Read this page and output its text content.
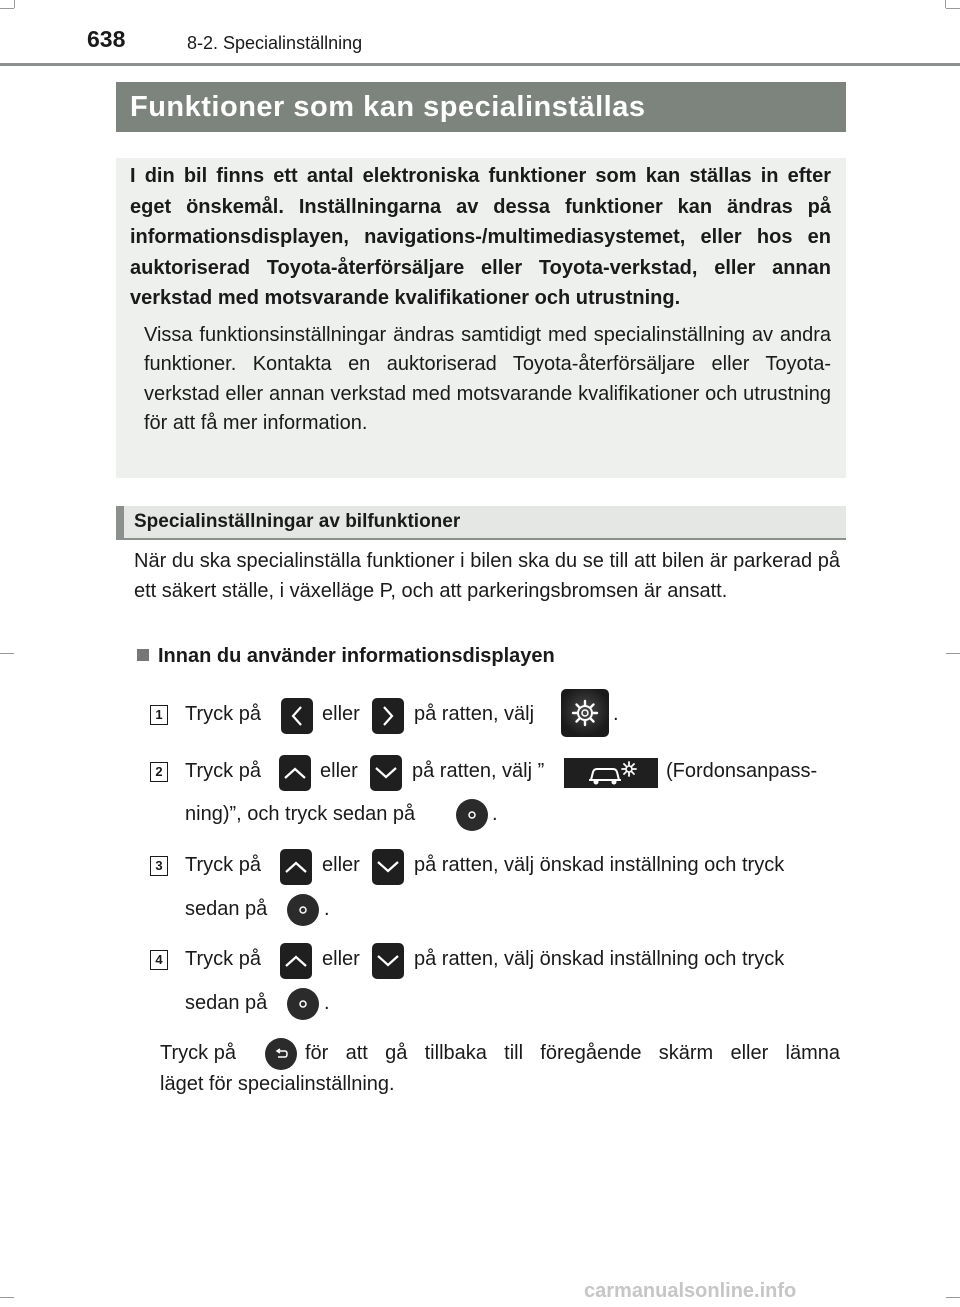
638	8-2. Specialinställning
Funktioner som kan specialinställas

I din bil finns ett antal elektroniska funktioner som kan ställas in efter eget önskemål. Inställningarna av dessa funktioner kan ändras på informationsdisplayen, navigations-/multimediasystemet, eller hos en auktoriserad Toyota-återförsäljare eller Toyota-verkstad, eller annan verkstad med motsvarande kvalifikationer och utrustning.

Vissa funktionsinställningar ändras samtidigt med specialinställning av andra funktioner. Kontakta en auktoriserad Toyota-återförsäljare eller Toyota-verkstad eller annan verkstad med motsvarande kvalifikationer och utrustning för att få mer information.

Specialinställningar av bilfunktioner
När du ska specialinställa funktioner i bilen ska du se till att bilen är parkerad på ett säkert ställe, i växelläge P, och att parkeringsbromsen är ansatt.
Innan du använder informationsdisplayen
1 Tryck på	eller	på ratten, välj	.
2 Tryck på	eller	på ratten, välj ”	(Fordonsanpass-
ning)”, och tryck sedan på	.
3 Tryck på	eller	på ratten, välj önskad inställning och tryck
sedan på	.
4 Tryck på	eller	på ratten, välj önskad inställning och tryck
sedan på	.
Tryck på	för att gå tillbaka till föregående skärm eller lämna
läget för specialinställning.
carmanualsonline.info
